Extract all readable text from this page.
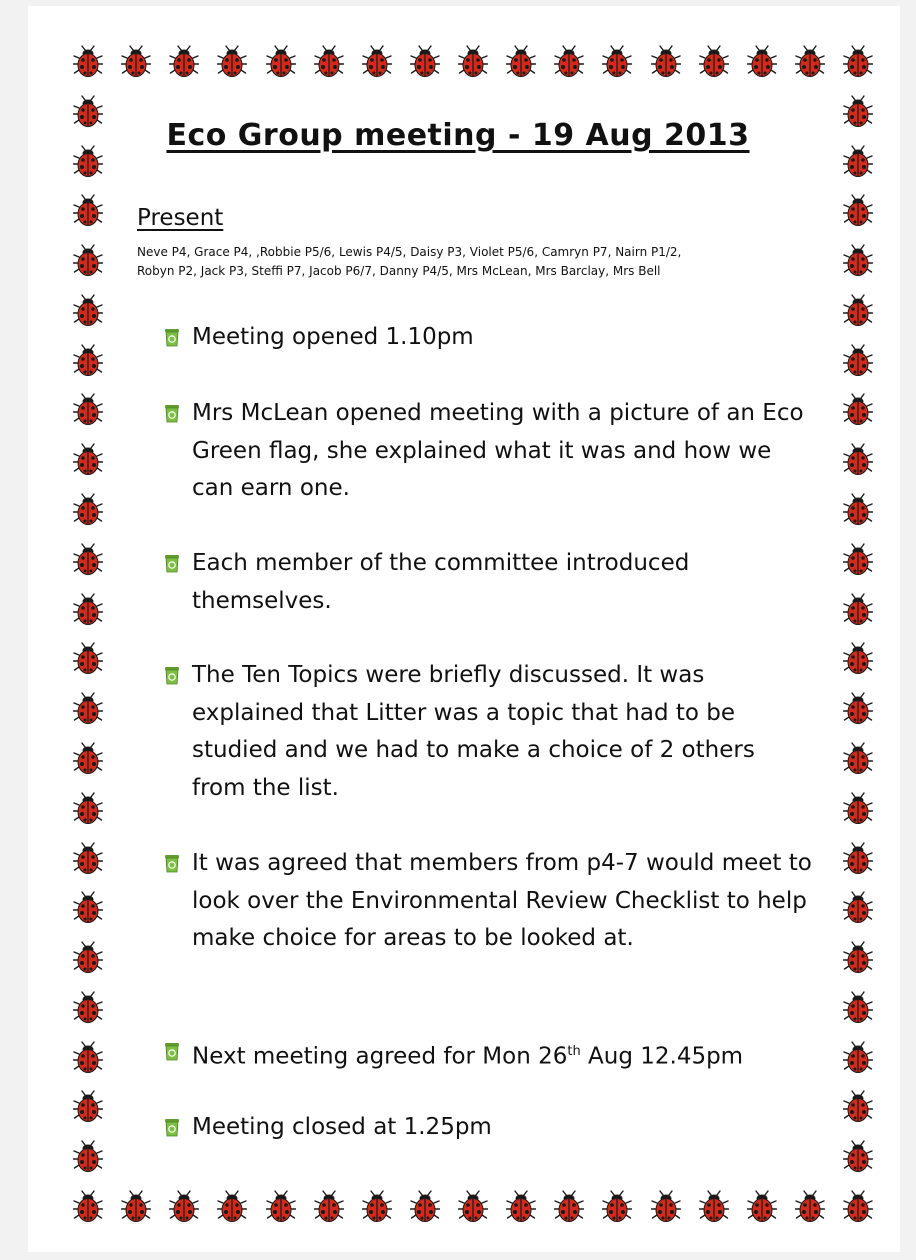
Eco Group meeting - 19 Aug 2013
Present
Neve P4, Grace P4, ,Robbie P5/6, Lewis P4/5, Daisy P3, Violet P5/6, Camryn P7, Nairn P1/2,
Robyn P2, Jack P3, Steffi P7, Jacob P6/7, Danny P4/5, Mrs McLean, Mrs Barclay, Mrs Bell
Meeting opened 1.10pm
Mrs McLean opened meeting with a picture of an Eco Green flag, she explained what it was and how we can earn one.
Each member of the committee introduced themselves.
The Ten Topics were briefly discussed. It was explained that Litter was a topic that had to be studied and we had to make a choice of 2 others from the list.
It was agreed that members from p4-7 would meet to look over the Environmental Review Checklist to help make choice for areas to be looked at.
Next meeting agreed for Mon 26th Aug 12.45pm
Meeting closed at 1.25pm
